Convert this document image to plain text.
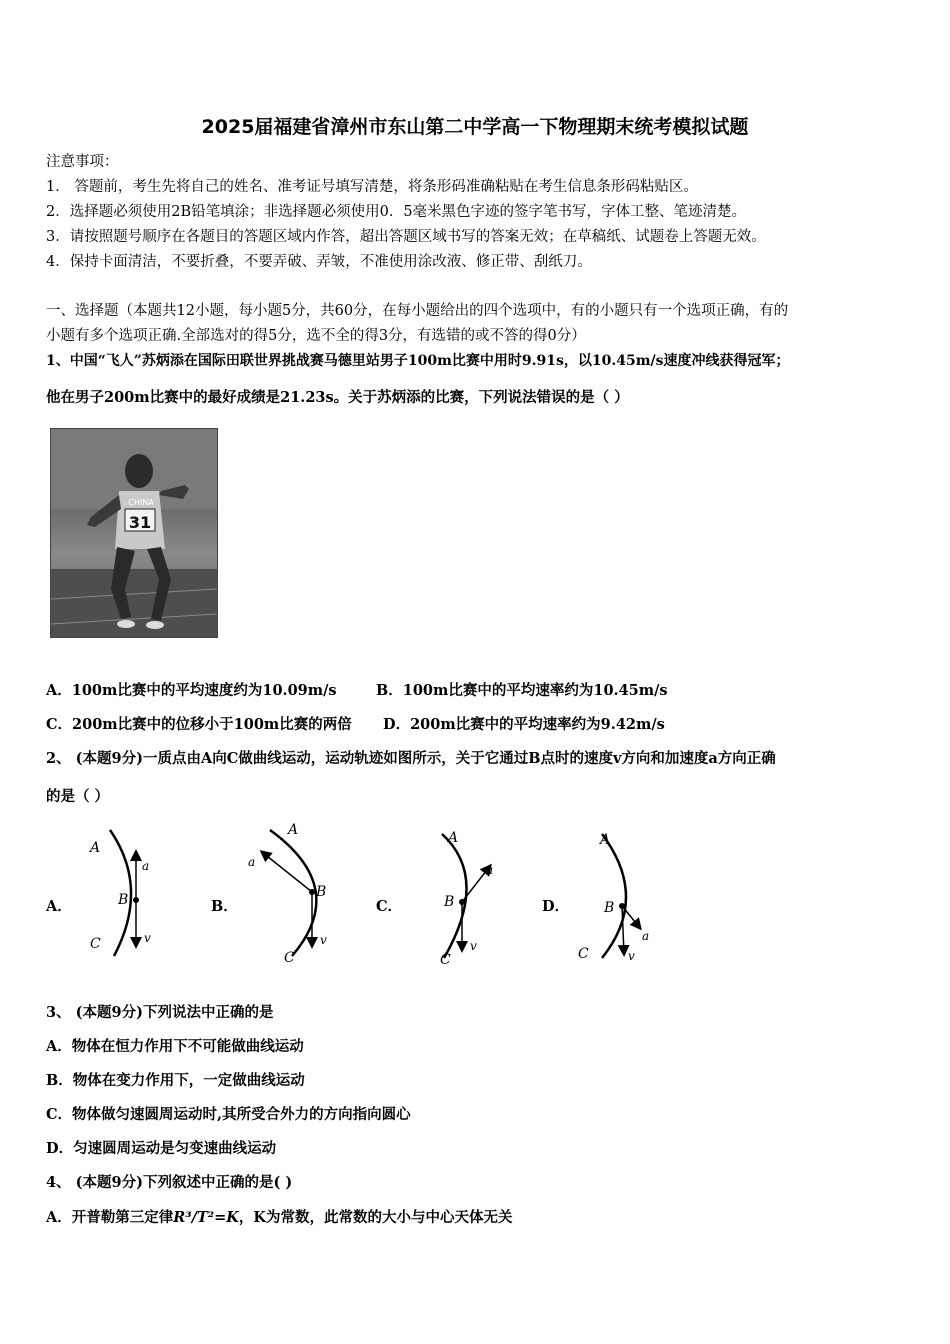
2025届福建省漳州市东山第二中学高一下物理期末统考模拟试题
注意事项：
1． 答题前，考生先将自己的姓名、准考证号填写清楚，将条形码准确粘贴在考生信息条形码粘贴区。
2．选择题必须使用2B铅笔填涂；非选择题必须使用0．5毫米黑色字迹的签字笔书写，字体工整、笔迹清楚。
3．请按照题号顺序在各题目的答题区域内作答，超出答题区域书写的答案无效；在草稿纸、试题卷上答题无效。
4．保持卡面清洁，不要折叠，不要弄破、弄皱，不准使用涂改液、修正带、刮纸刀。
一、选择题（本题共12小题，每小题5分，共60分，在每小题给出的四个选项中，有的小题只有一个选项正确，有的
小题有多个选项正确.全部选对的得5分，选不全的得3分，有选错的或不答的得0分）
1、中国“飞人”苏炳添在国际田联世界挑战赛马德里站男子100m比赛中用时9.91s，以10.45m/s速度冲线获得冠军；
他在男子200m比赛中的最好成绩是21.23s。关于苏炳添的比赛，下列说法错误的是（ ）
31
CHINA
A．100m比赛中的平均速度约为10.09m/s	B．100m比赛中的平均速率约为10.45m/s
C．200m比赛中的位移小于100m比赛的两倍 D．200m比赛中的平均速率约为9.42m/s
2、 (本题9分)一质点由A向C做曲线运动，运动轨迹如图所示，关于它通过B点时的速度v方向和加速度a方向正确
的是（ ）
A．	B．	C．	D．
A
B
C
a
v
A
B
C
a
v
A
B
C
a
v
A
B
C
a
v
3、 (本题9分)下列说法中正确的是
A．物体在恒力作用下不可能做曲线运动
B．物体在变力作用下，一定做曲线运动
C．物体做匀速圆周运动时,其所受合外力的方向指向圆心
D．匀速圆周运动是匀变速曲线运动
4、 (本题9分)下列叙述中正确的是( )
A．开普勒第三定律R³/T²=K，K为常数，此常数的大小与中心天体无关
